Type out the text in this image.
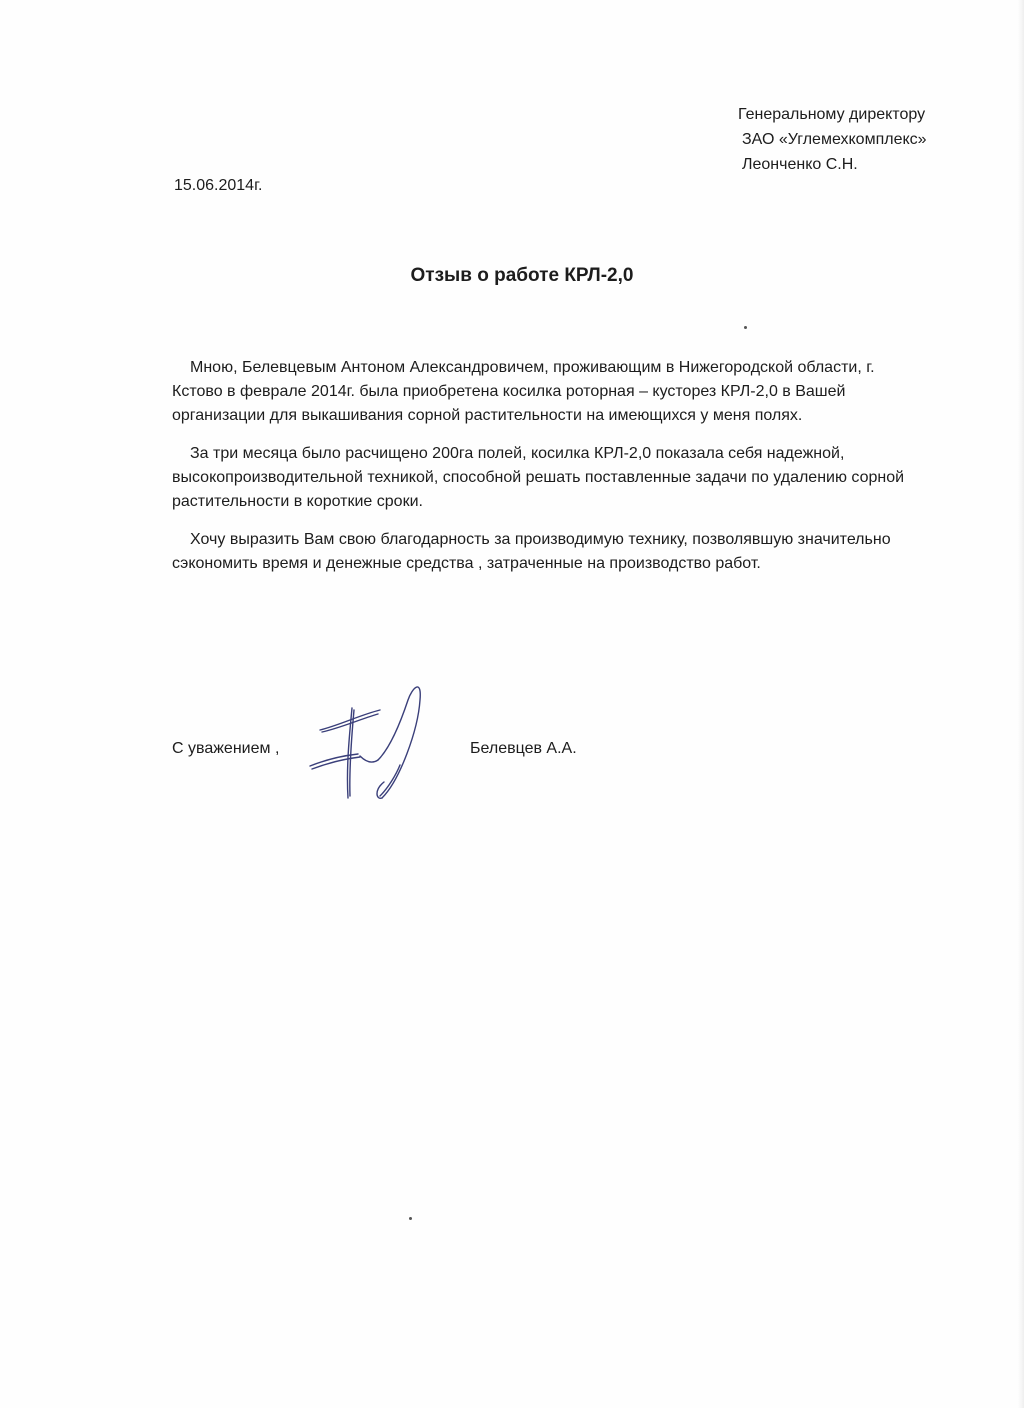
Генеральному директору
ЗАО «Углемехкомплекс»
Леонченко С.Н.
15.06.2014г.
Отзыв о работе КРЛ-2,0
Мною, Белевцевым Антоном Александровичем, проживающим в Нижегородской области, г.
Кстово в феврале 2014г. была приобретена косилка роторная – кусторез КРЛ-2,0 в Вашей
организации для выкашивания сорной растительности на имеющихся у меня полях.
За три месяца было расчищено 200га полей, косилка КРЛ-2,0 показала себя надежной,
высокопроизводительной техникой, способной решать поставленные задачи по удалению сорной
растительности в короткие сроки.
Хочу выразить Вам свою благодарность за производимую технику, позволявшую значительно
сэкономить время и денежные средства , затраченные на производство работ.
С уважением ,	Белевцев А.А.
